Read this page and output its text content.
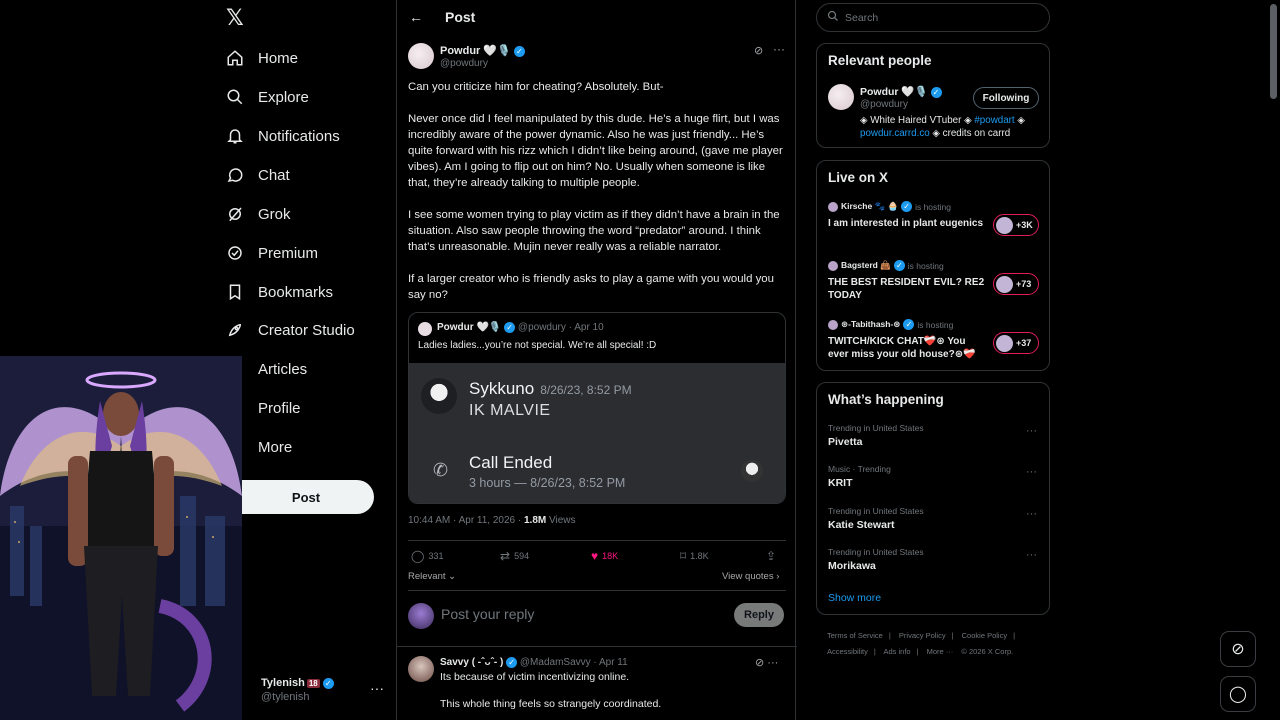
𝕏
Home
Explore
Notifications
Chat
Grok
Premium
Bookmarks
Creator Studio
Articles
Profile
More
Post
Tylenish 18 ✓
@tylenish
···
← Post
Powdur 🤍🎙️ ✓
@powdury
⊘ ···

Can you criticize him for cheating? Absolutely. But-

Never once did I feel manipulated by this dude. He’s a huge flirt, but I was incredibly aware of the power dynamic. Also he was just friendly... He’s quite forward with his rizz which I didn’t like being around, (gave me player vibes). Am I going to flip out on him? No. Usually when someone is like that, they’re already talking to multiple people.

I see some women trying to play victim as if they didn’t have a brain in the situation. Also saw people throwing the word “predator” around. I think that’s unreasonable. Mujin never really was a reliable narrator.

If a larger creator who is friendly asks to play a game with you would you say no?

Powdur 🤍🎙️ ✓ @powdury · Apr 10
Ladies ladies...you’re not special. We’re all special! :D
Sykkuno 8/26/23, 8:52 PM
IK MALVIE
✆ Call Ended
3 hours — 8/26/23, 8:52 PM
10:44 AM · Apr 11, 2026 · 1.8M Views
◯ 331	⇄ 594	♥ 18K	⌑ 1.8K	⇪
Relevant ⌄	View quotes ›
Post your reply	Reply
Savvy ( -ˆᴗˆ- ) ✓ @MadamSavvy · Apr 11	⊘ ···
Its because of victim incentivizing online.
This whole thing feels so strangely coordinated.
Search
Relevant people
Powdur 🤍🎙️ ✓
@powdury
Following
◈ White Haired VTuber ◈ #powdart ◈ powdur.carrd.co ◈ credits on carrd
Live on X
Kirsche 🐾 🧁 ✓ is hosting
I am interested in plant eugenics	+3K
Bagsterd 👜 ✓ is hosting
THE BEST RESIDENT EVIL? RE2 TODAY
+73
⊛-Tabithash-⊛ ✓ is hosting
TWITCH/KICK CHAT❤️‍🩹⊛ You ever miss your old house?⊛❤️‍🩹
+37
What’s happening
Trending in United States
Pivetta
···
Music · Trending
KRIT
···
Trending in United States
Katie Stewart
···
Trending in United States
Morikawa
···
Show more
Terms of Service | Privacy Policy | Cookie Policy |
Accessibility | Ads info | More ··· © 2026 X Corp.	⊘
◯
